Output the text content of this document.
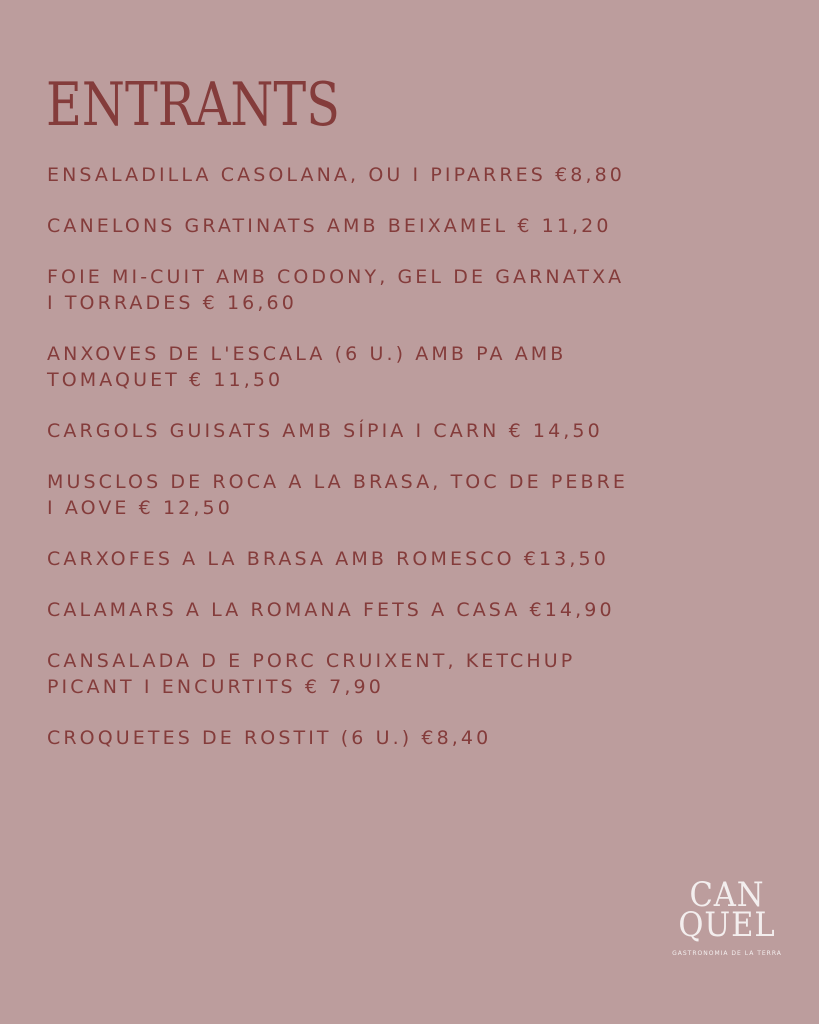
ENTRANTS
ENSALADILLA CASOLANA, OU I PIPARRES €8,80
CANELONS GRATINATS AMB BEIXAMEL € 11,20
FOIE MI-CUIT AMB CODONY, GEL DE GARNATXA
I TORRADES € 16,60
ANXOVES DE L'ESCALA (6 U.) AMB PA AMB
TOMAQUET € 11,50
CARGOLS GUISATS AMB SÍPIA I CARN € 14,50
MUSCLOS DE ROCA A LA BRASA, TOC DE PEBRE
I AOVE € 12,50
CARXOFES A LA BRASA AMB ROMESCO €13,50
CALAMARS A LA ROMANA FETS A CASA €14,90
CANSALADA D E PORC CRUIXENT, KETCHUP
PICANT I ENCURTITS € 7,90
CROQUETES DE ROSTIT (6 U.) €8,40
CAN
QUEL
GASTRONOMIA DE LA TERRA
